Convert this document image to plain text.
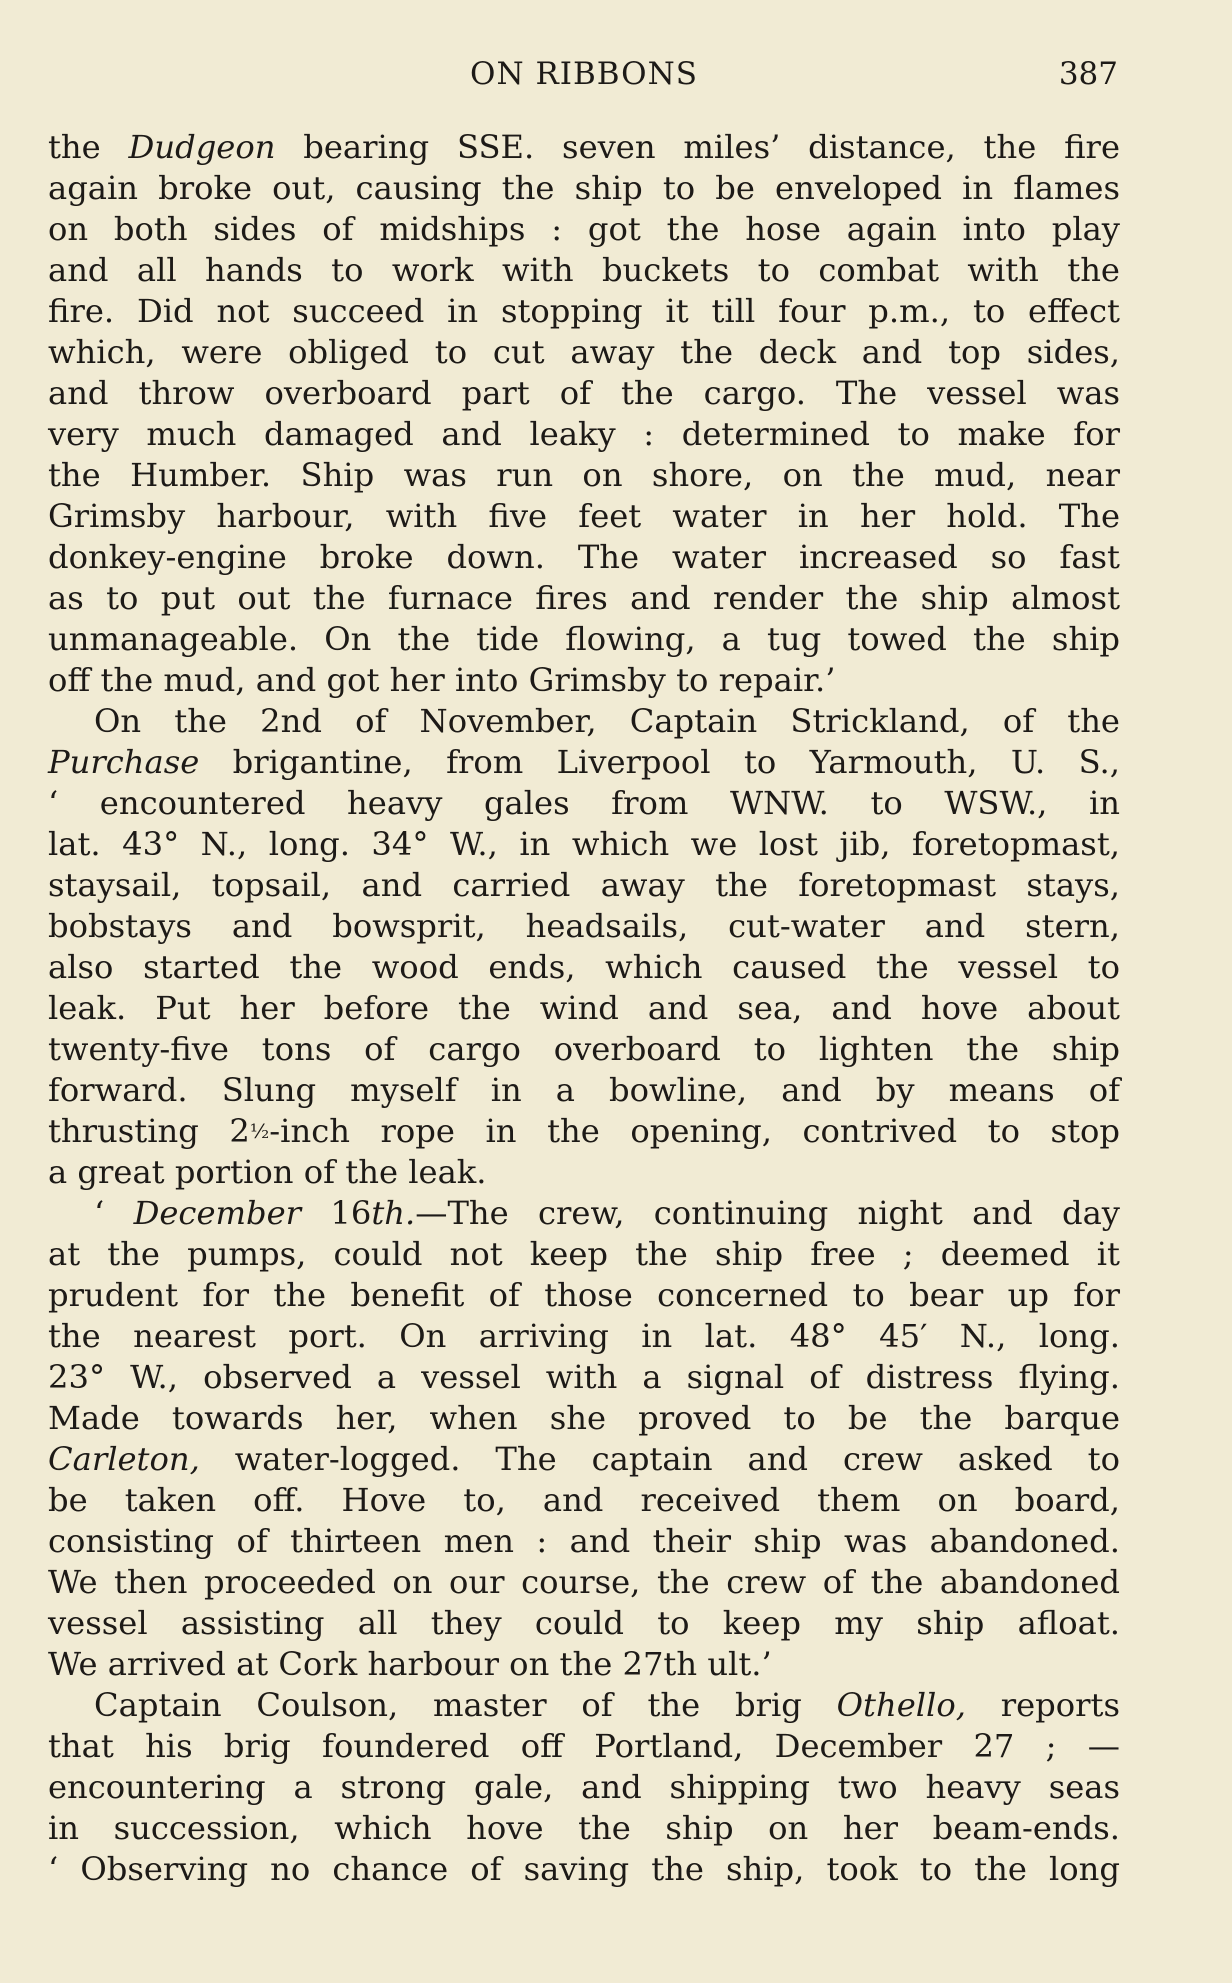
ON RIBBONS	387
the Dudgeon bearing SSE. seven miles’ distance, the fire
again broke out, causing the ship to be enveloped in flames
on both sides of midships : got the hose again into play
and all hands to work with buckets to combat with the
fire. Did not succeed in stopping it till four p.m., to effect
which, were obliged to cut away the deck and top sides,
and throw overboard part of the cargo. The vessel was
very much damaged and leaky : determined to make for
the Humber. Ship was run on shore, on the mud, near
Grimsby harbour, with five feet water in her hold. The
donkey-engine broke down. The water increased so fast
as to put out the furnace fires and render the ship almost
unmanageable. On the tide flowing, a tug towed the ship
off the mud, and got her into Grimsby to repair.’
On the 2nd of November, Captain Strickland, of the
Purchase brigantine, from Liverpool to Yarmouth, U. S.,
‘ encountered heavy gales from WNW. to WSW., in
lat. 43° N., long. 34° W., in which we lost jib, foretopmast,
staysail, topsail, and carried away the foretopmast stays,
bobstays and bowsprit, headsails, cut-water and stern,
also started the wood ends, which caused the vessel to
leak. Put her before the wind and sea, and hove about
twenty-five tons of cargo overboard to lighten the ship
forward. Slung myself in a bowline, and by means of
thrusting 2½-inch rope in the opening, contrived to stop
a great portion of the leak.
‘ December 16th.—The crew, continuing night and day
at the pumps, could not keep the ship free ; deemed it
prudent for the benefit of those concerned to bear up for
the nearest port. On arriving in lat. 48° 45′ N., long.
23° W., observed a vessel with a signal of distress flying.
Made towards her, when she proved to be the barque
Carleton, water-logged. The captain and crew asked to
be taken off. Hove to, and received them on board,
consisting of thirteen men : and their ship was abandoned.
We then proceeded on our course, the crew of the abandoned
vessel assisting all they could to keep my ship afloat.
We arrived at Cork harbour on the 27th ult.’
Captain Coulson, master of the brig Othello, reports
that his brig foundered off Portland, December 27 ; —
encountering a strong gale, and shipping two heavy seas
in succession, which hove the ship on her beam-ends.
‘ Observing no chance of saving the ship, took to the long
